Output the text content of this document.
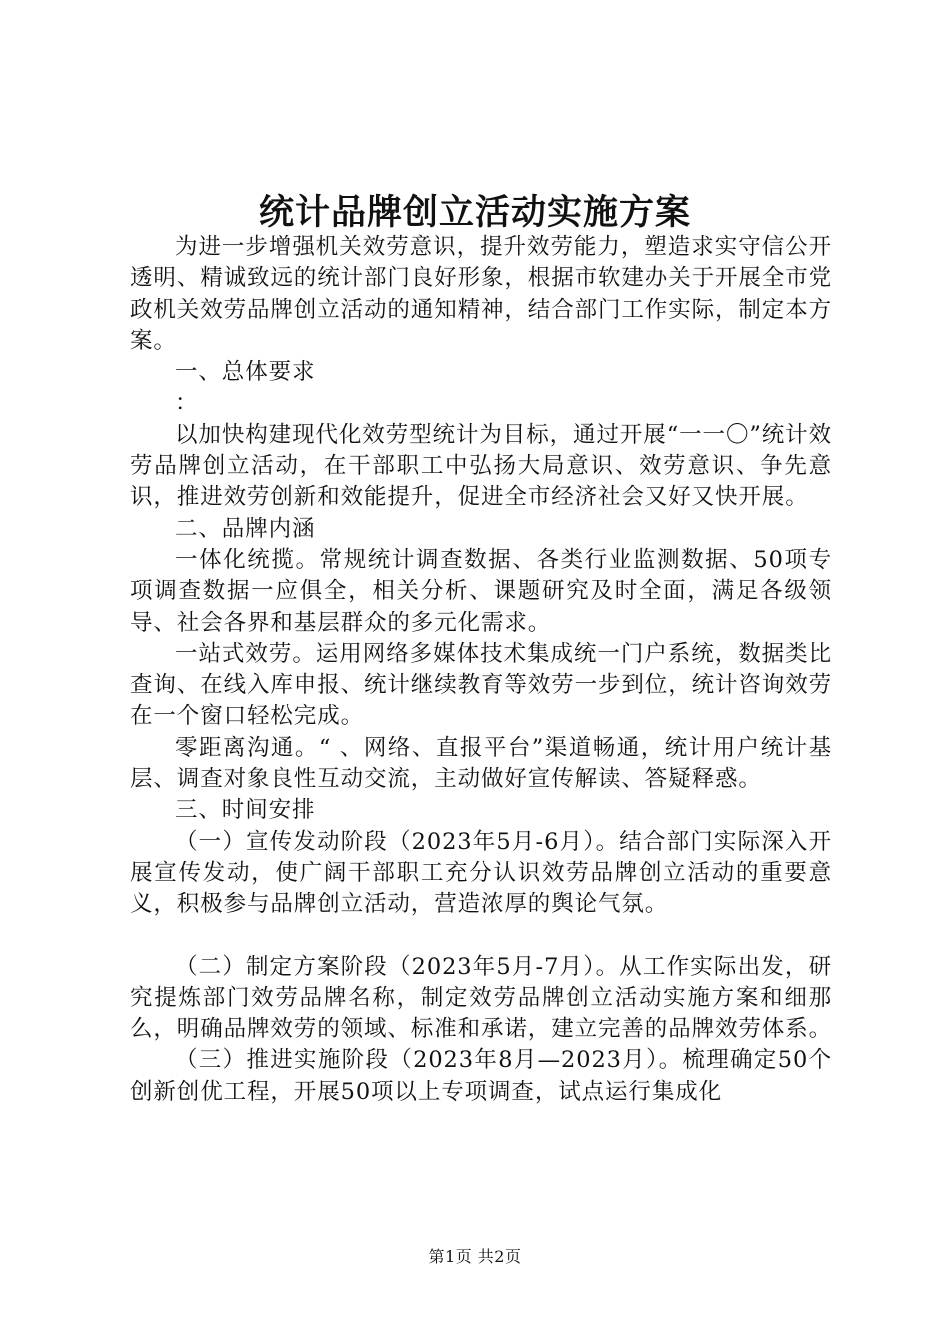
统计品牌创立活动实施方案

为进一步增强机关效劳意识，提升效劳能力，塑造求实守信公开透明、精诚致远的统计部门良好形象，根据市软建办关于开展全市党政机关效劳品牌创立活动的通知精神，结合部门工作实际，制定本方案。

一、总体要求

：

以加快构建现代化效劳型统计为目标，通过开展“一一〇”统计效劳品牌创立活动，在干部职工中弘扬大局意识、效劳意识、争先意识，推进效劳创新和效能提升，促进全市经济社会又好又快开展。

二、品牌内涵

一体化统揽。常规统计调查数据、各类行业监测数据、50项专项调查数据一应俱全，相关分析、课题研究及时全面，满足各级领导、社会各界和基层群众的多元化需求。

一站式效劳。运用网络多媒体技术集成统一门户系统，数据类比查询、在线入库申报、统计继续教育等效劳一步到位，统计咨询效劳在一个窗口轻松完成。

零距离沟通。“ 、网络、直报平台”渠道畅通，统计用户统计基层、调查对象良性互动交流，主动做好宣传解读、答疑释惑。

三、时间安排

（一）宣传发动阶段（2023年5月-6月）。结合部门实际深入开展宣传发动，使广阔干部职工充分认识效劳品牌创立活动的重要意义，积极参与品牌创立活动，营造浓厚的舆论气氛。

（二）制定方案阶段（2023年5月-7月）。从工作实际出发，研究提炼部门效劳品牌名称，制定效劳品牌创立活动实施方案和细那么，明确品牌效劳的领域、标准和承诺，建立完善的品牌效劳体系。

（三）推进实施阶段（2023年8月—2023月）。梳理确定50个创新创优工程，开展50项以上专项调查，试点运行集成化

第1页 共2页
